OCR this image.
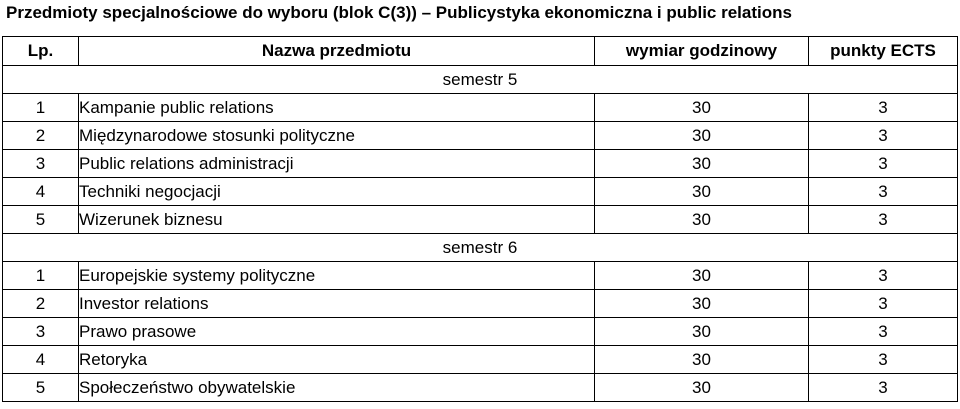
Przedmioty specjalnościowe do wyboru (blok C(3)) – Publicystyka ekonomiczna i public relations
Lp.	Nazwa przedmiotu	wymiar godzinowy	punkty ECTS
semestr 5			
1	Kampanie public relations	30	3
2	Międzynarodowe stosunki polityczne	30	3
3	Public relations administracji	30	3
4	Techniki negocjacji	30	3
5	Wizerunek biznesu	30	3
semestr 6			
1	Europejskie systemy polityczne	30	3
2	Investor relations	30	3
3	Prawo prasowe	30	3
4	Retoryka	30	3
5	Społeczeństwo obywatelskie	30	3
